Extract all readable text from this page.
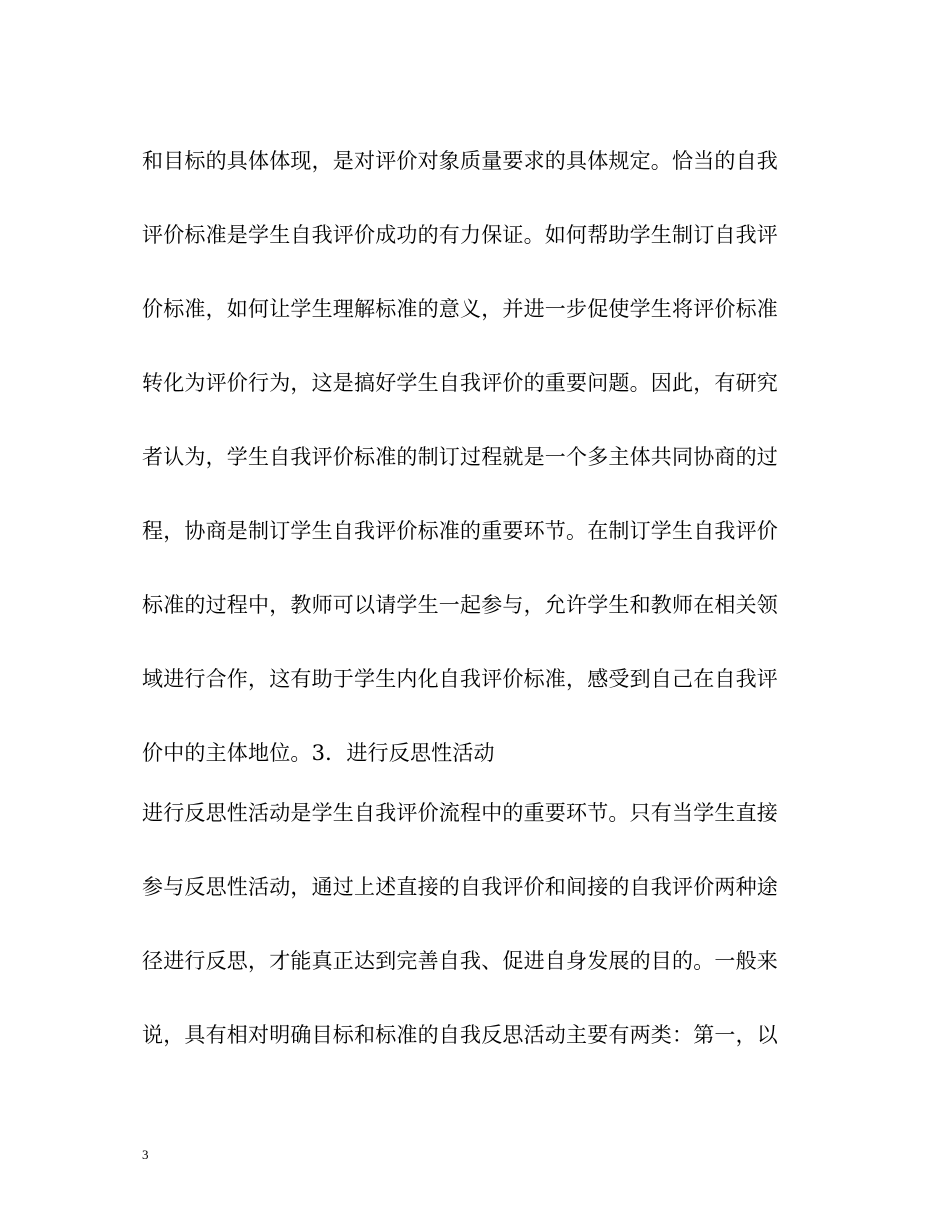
和目标的具体体现，是对评价对象质量要求的具体规定。恰当的自我
评价标准是学生自我评价成功的有力保证。如何帮助学生制订自我评
价标准，如何让学生理解标准的意义，并进一步促使学生将评价标准
转化为评价行为，这是搞好学生自我评价的重要问题。因此，有研究
者认为，学生自我评价标准的制订过程就是一个多主体共同协商的过
程，协商是制订学生自我评价标准的重要环节。在制订学生自我评价
标准的过程中，教师可以请学生一起参与，允许学生和教师在相关领
域进行合作，这有助于学生内化自我评价标准，感受到自己在自我评
价中的主体地位。3．进行反思性活动
进行反思性活动是学生自我评价流程中的重要环节。只有当学生直接
参与反思性活动，通过上述直接的自我评价和间接的自我评价两种途
径进行反思，才能真正达到完善自我、促进自身发展的目的。一般来
说，具有相对明确目标和标准的自我反思活动主要有两类：第一，以
3
